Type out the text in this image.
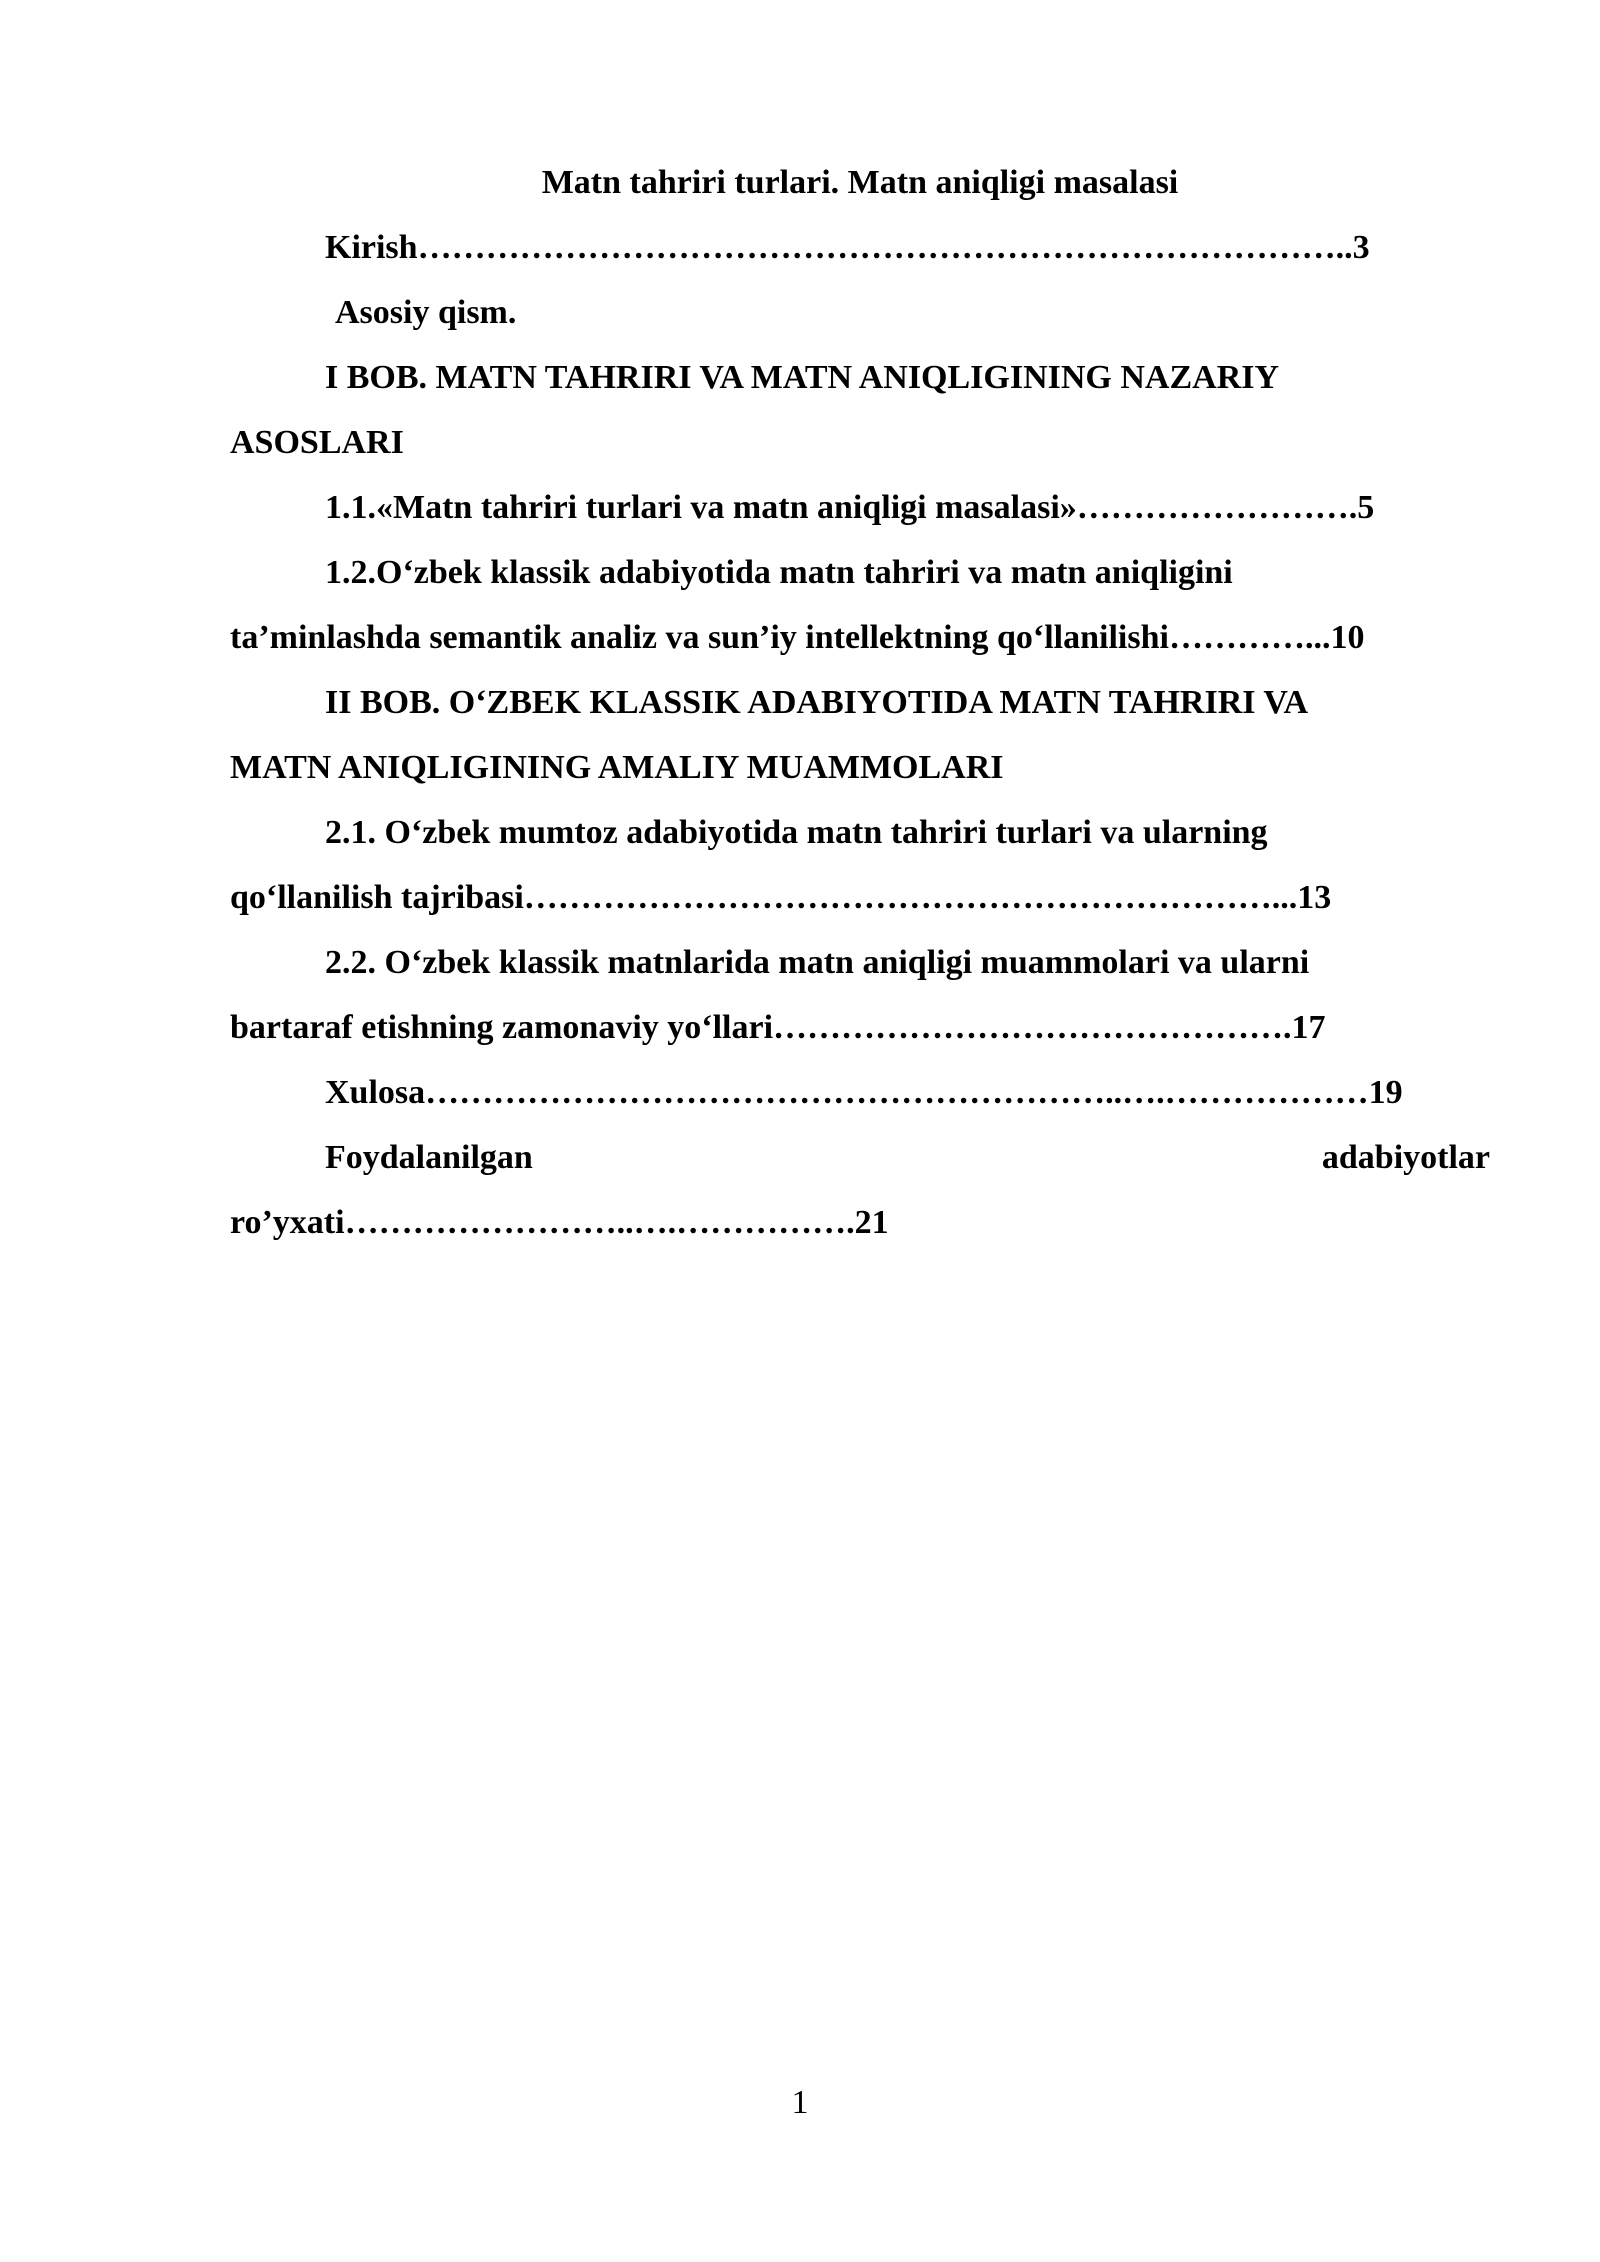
Matn tahriri turlari. Matn aniqligi masalasi
Kirish………………………………………………………………………..3
Asosiy qism.
I BOB. MATN TAHRIRI VA MATN ANIQLIGINING NAZARIY
ASOSLARI
1.1.«Matn tahriri turlari va matn aniqligi masalasi»…………………….5
1.2.O‘zbek klassik adabiyotida matn tahriri va matn aniqligini
ta’minlashda semantik analiz va sun’iy intellektning qo‘llanilishi…………...10
II BOB. O‘ZBEK KLASSIK ADABIYOTIDA MATN TAHRIRI VA
MATN ANIQLIGINING AMALIY MUAMMOLARI
2.1. O‘zbek mumtoz adabiyotida matn tahriri turlari va ularning
qo‘llanilish tajribasi…………………………………………………………...13
2.2. O‘zbek klassik matnlarida matn aniqligi muammolari va ularni
bartaraf etishning zamonaviy yo‘llari……………………………………….17
Xulosa……………………………………………………..….………………19
Foydalanilgan	adabiyotlar
ro’yxati……………………..….…………….21
1
